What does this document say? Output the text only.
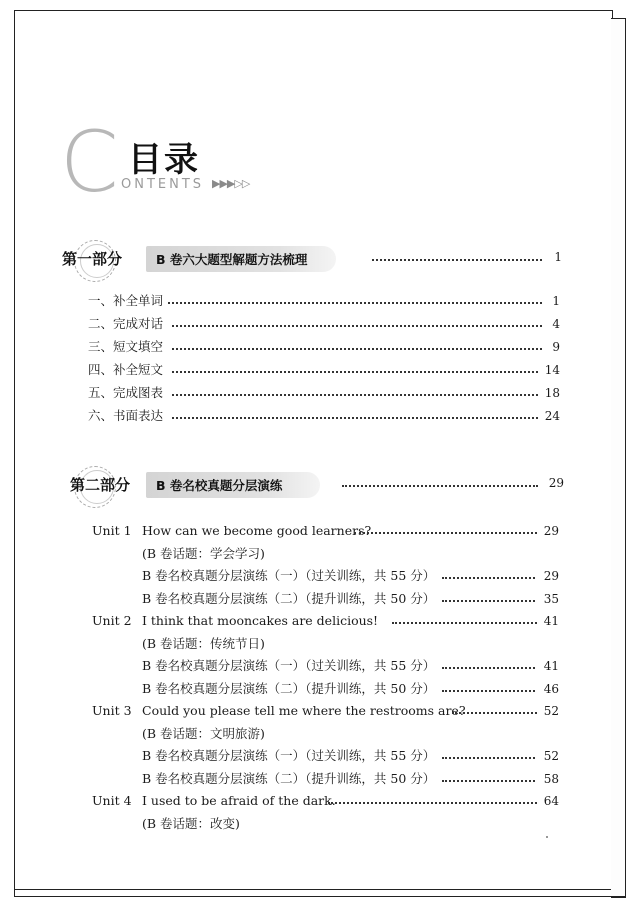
C 目录
ONTENTS ▶▶▶▷▷
第一部分	B 卷六大题型解题方法梳理	1
一、补全单词	1
二、完成对话	4
三、短文填空	9
四、补全短文	14
五、完成图表	18
六、书面表达	24
第二部分 B 卷名校真题分层演练	29
Unit 1 How can we become good learners?	29
(B 卷话题：学会学习)
B 卷名校真题分层演练（一）（过关训练，共 55 分）	29
B 卷名校真题分层演练（二）（提升训练，共 50 分）	35
Unit 2 I think that mooncakes are delicious!	41
(B 卷话题：传统节日)
B 卷名校真题分层演练（一）（过关训练，共 55 分）	41
B 卷名校真题分层演练（二）（提升训练，共 50 分）	46
Unit 3 Could you please tell me where the restrooms are?	52
(B 卷话题：文明旅游)
B 卷名校真题分层演练（一）（过关训练，共 55 分）	52
B 卷名校真题分层演练（二）（提升训练，共 50 分）	58
Unit 4 I used to be afraid of the dark.	64
(B 卷话题：改变)
